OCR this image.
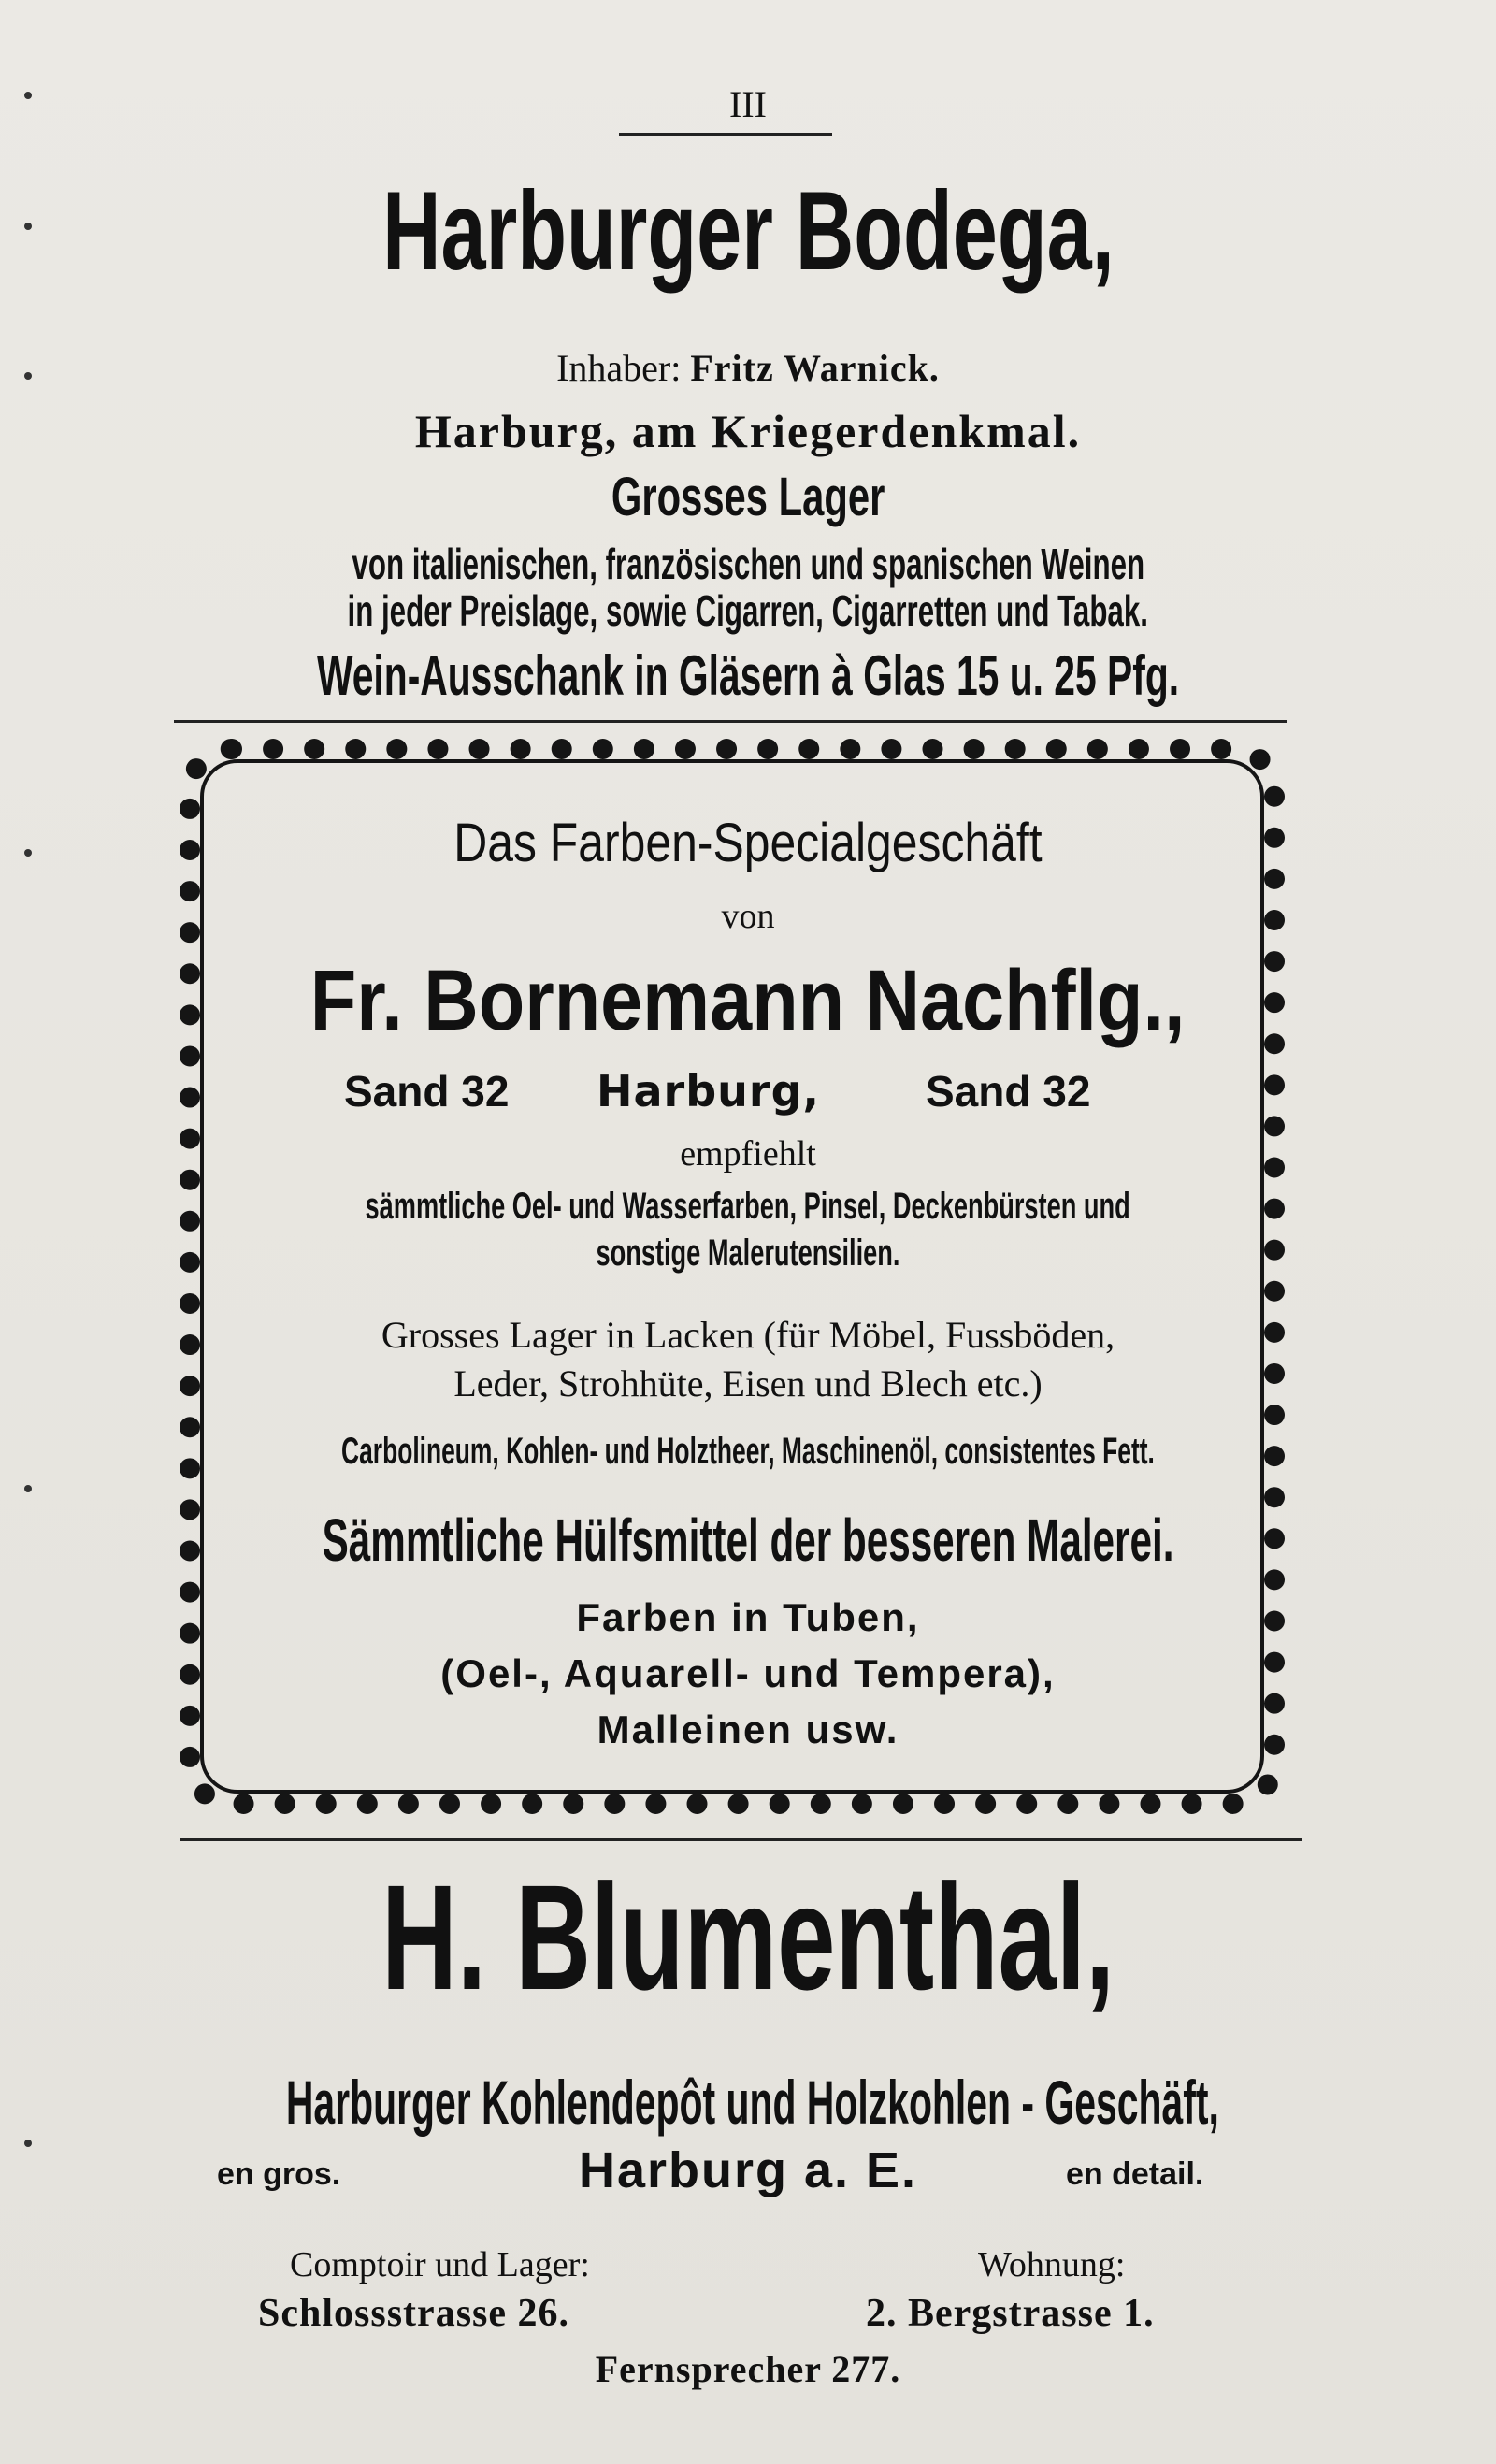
III
Harburger Bodega,
Inhaber: Fritz Warnick.
Harburg, am Kriegerdenkmal.
Grosses Lager
von italienischen, französischen und spanischen Weinen
in jeder Preislage, sowie Cigarren, Cigarretten und Tabak.
Wein-Ausschank in Gläsern à Glas 15 u. 25 Pfg.
Das Farben-Specialgeschäft
von
Fr. Bornemann Nachflg.,
Sand 32 Harburg, Sand 32
empfiehlt
sämmtliche Oel- und Wasserfarben, Pinsel, Deckenbürsten und
sonstige Malerutensilien.
Grosses Lager in Lacken (für Möbel, Fussböden,
Leder, Strohhüte, Eisen und Blech etc.)
Carbolineum, Kohlen- und Holztheer, Maschinenöl, consistentes Fett.
Sämmtliche Hülfsmittel der besseren Malerei.
Farben in Tuben,
(Oel-, Aquarell- und Tempera),
Malleinen usw.
H. Blumenthal,
Harburger Kohlendepôt und Holzkohlen - Geschäft,
Harburg a. E.
en gros.	en detail.
Comptoir und Lager:	Wohnung:
Schlossstrasse 26.	2. Bergstrasse 1.
Fernsprecher 277.
